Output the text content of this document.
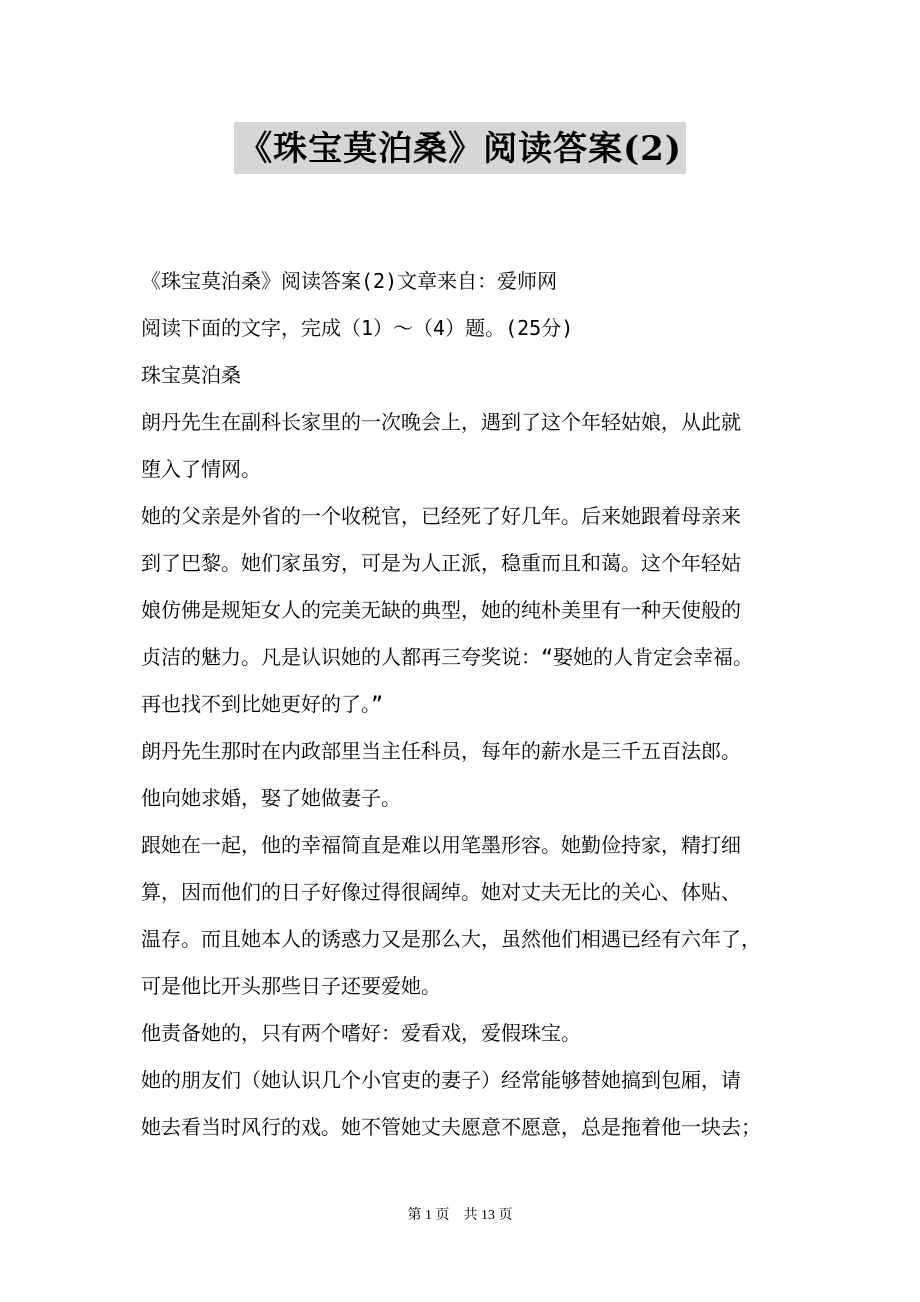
《珠宝莫泊桑》阅读答案(2)

《珠宝莫泊桑》阅读答案(2)文章来自：爱师网

阅读下面的文字，完成（1）～（4）题。(25分)

珠宝莫泊桑

朗丹先生在副科长家里的一次晚会上，遇到了这个年轻姑娘，从此就

堕入了情网。

她的父亲是外省的一个收税官，已经死了好几年。后来她跟着母亲来

到了巴黎。她们家虽穷，可是为人正派，稳重而且和蔼。这个年轻姑

娘仿佛是规矩女人的完美无缺的典型，她的纯朴美里有一种天使般的

贞洁的魅力。凡是认识她的人都再三夸奖说：“娶她的人肯定会幸福。

再也找不到比她更好的了。”

朗丹先生那时在内政部里当主任科员，每年的薪水是三千五百法郎。

他向她求婚，娶了她做妻子。

跟她在一起，他的幸福简直是难以用笔墨形容。她勤俭持家，精打细

算，因而他们的日子好像过得很阔绰。她对丈夫无比的关心、体贴、

温存。而且她本人的诱惑力又是那么大，虽然他们相遇已经有六年了，

可是他比开头那些日子还要爱她。

他责备她的，只有两个嗜好：爱看戏，爱假珠宝。

她的朋友们（她认识几个小官吏的妻子）经常能够替她搞到包厢，请

她去看当时风行的戏。她不管她丈夫愿意不愿意，总是拖着他一块去；

第 1 页 共 13 页
